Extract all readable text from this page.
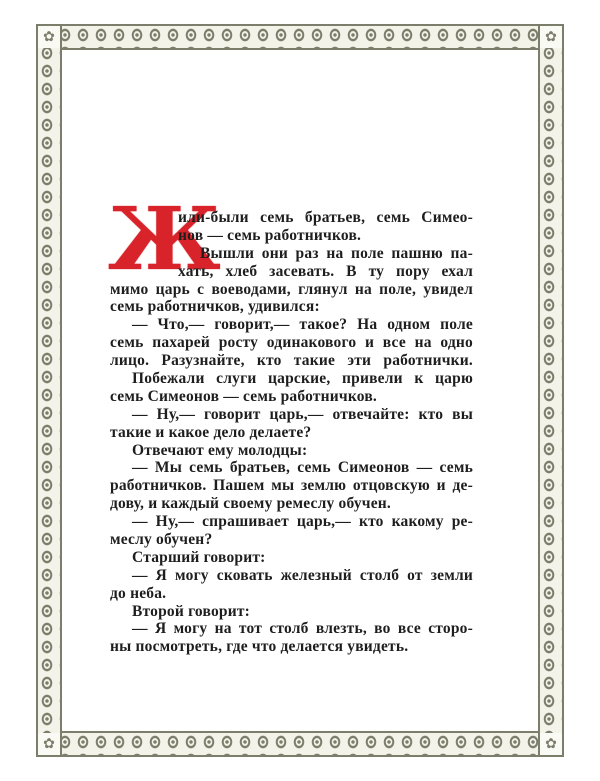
✿	✿
✿	✿
Ж
или-были семь братьев, семь Симео-
нов — семь работничков.
Вышли они раз на поле пашню па-
хать, хлеб засевать. В ту пору ехал
мимо царь с воеводами, глянул на поле, увидел
семь работничков, удивился:
— Что,— говорит,— такое? На одном поле
семь пахарей росту одинакового и все на одно
лицо. Разузнайте, кто такие эти работнички.
Побежали слуги царские, привели к царю
семь Симеонов — семь работничков.
— Ну,— говорит царь,— отвечайте: кто вы
такие и какое дело делаете?
Отвечают ему молодцы:
— Мы семь братьев, семь Симеонов — семь
работничков. Пашем мы землю отцовскую и де-
дову, и каждый своему ремеслу обучен.
— Ну,— спрашивает царь,— кто какому ре-
меслу обучен?
Старший говорит:
— Я могу сковать железный столб от земли
до неба.
Второй говорит:
— Я могу на тот столб влезть, во все сторо-
ны посмотреть, где что делается увидеть.
